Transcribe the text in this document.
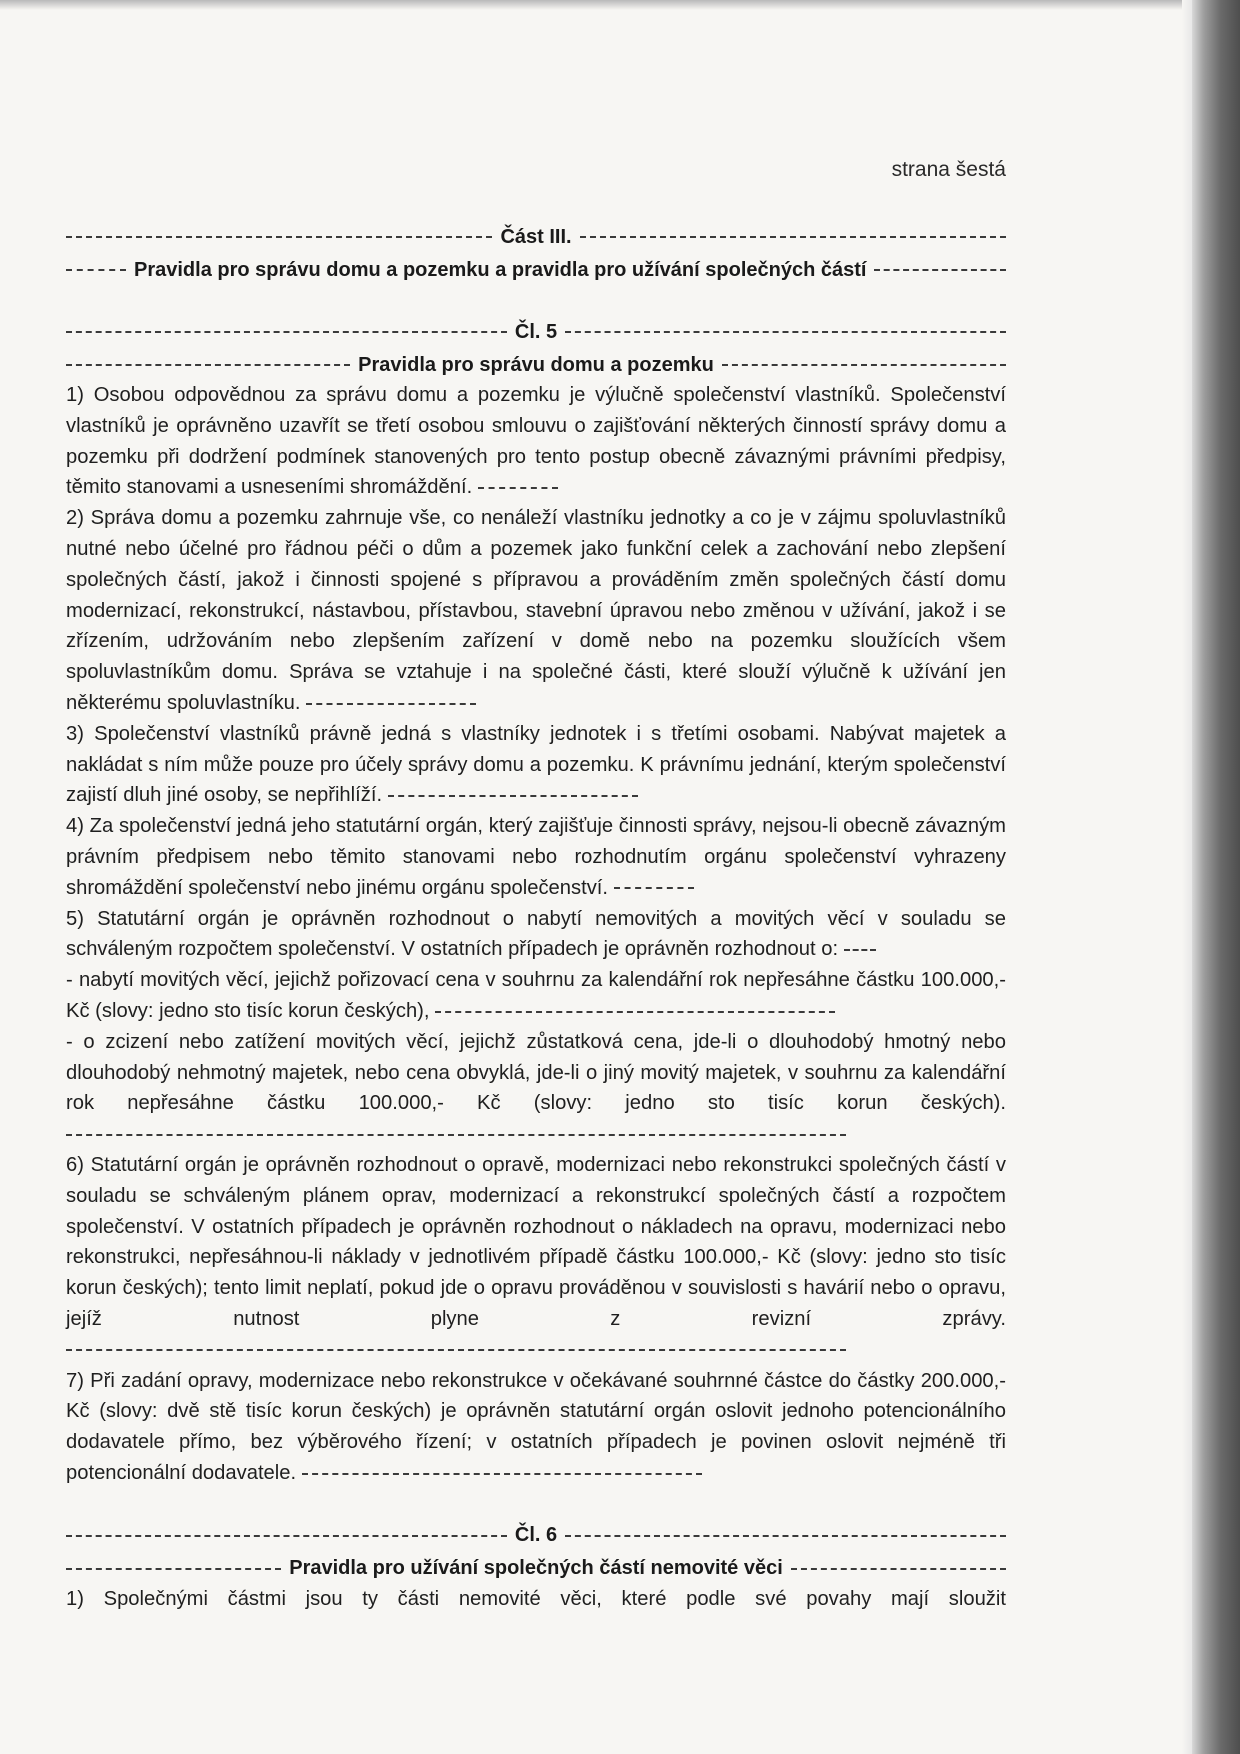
strana šestá
Část III.
Pravidla pro správu domu a pozemku a pravidla pro užívání společných částí
Čl. 5
Pravidla pro správu domu a pozemku

1) Osobou odpovědnou za správu domu a pozemku je výlučně společenství vlastníků. Společenství vlastníků je oprávněno uzavřít se třetí osobou smlouvu o zajišťování některých činností správy domu a pozemku při dodržení podmínek stanovených pro tento postup obecně závaznými právními předpisy, těmito stanovami a usneseními shromáždění.

2) Správa domu a pozemku zahrnuje vše, co nenáleží vlastníku jednotky a co je v zájmu spoluvlastníků nutné nebo účelné pro řádnou péči o dům a pozemek jako funkční celek a zachování nebo zlepšení společných částí, jakož i činnosti spojené s přípravou a prováděním změn společných částí domu modernizací, rekonstrukcí, nástavbou, přístavbou, stavební úpravou nebo změnou v užívání, jakož i se zřízením, udržováním nebo zlepšením zařízení v domě nebo na pozemku sloužících všem spoluvlastníkům domu. Správa se vztahuje i na společné části, které slouží výlučně k užívání jen některému spoluvlastníku.

3) Společenství vlastníků právně jedná s vlastníky jednotek i s třetími osobami. Nabývat majetek a nakládat s ním může pouze pro účely správy domu a pozemku. K právnímu jednání, kterým společenství zajistí dluh jiné osoby, se nepřihlíží.

4) Za společenství jedná jeho statutární orgán, který zajišťuje činnosti správy, nejsou-li obecně závazným právním předpisem nebo těmito stanovami nebo rozhodnutím orgánu společenství vyhrazeny shromáždění společenství nebo jinému orgánu společenství.

5) Statutární orgán je oprávněn rozhodnout o nabytí nemovitých a movitých věcí v souladu se schváleným rozpočtem společenství. V ostatních případech je oprávněn rozhodnout o:

- nabytí movitých věcí, jejichž pořizovací cena v souhrnu za kalendářní rok nepřesáhne částku 100.000,- Kč (slovy: jedno sto tisíc korun českých),

- o zcizení nebo zatížení movitých věcí, jejichž zůstatková cena, jde-li o dlouhodobý hmotný nebo dlouhodobý nehmotný majetek, nebo cena obvyklá, jde-li o jiný movitý majetek, v souhrnu za kalendářní rok nepřesáhne částku 100.000,- Kč (slovy: jedno sto tisíc korun českých).

6) Statutární orgán je oprávněn rozhodnout o opravě, modernizaci nebo rekonstrukci společných částí v souladu se schváleným plánem oprav, modernizací a rekonstrukcí společných částí a rozpočtem společenství. V ostatních případech je oprávněn rozhodnout o nákladech na opravu, modernizaci nebo rekonstrukci, nepřesáhnou-li náklady v jednotlivém případě částku 100.000,- Kč (slovy: jedno sto tisíc korun českých); tento limit neplatí, pokud jde o opravu prováděnou v souvislosti s havárií nebo o opravu, jejíž nutnost plyne z revizní zprávy.

7) Při zadání opravy, modernizace nebo rekonstrukce v očekávané souhrnné částce do částky 200.000,- Kč (slovy: dvě stě tisíc korun českých) je oprávněn statutární orgán oslovit jednoho potencionálního dodavatele přímo, bez výběrového řízení; v ostatních případech je povinen oslovit nejméně tři potencionální dodavatele.

Čl. 6
Pravidla pro užívání společných částí nemovité věci

1) Společnými částmi jsou ty části nemovité věci, které podle své povahy mají sloužit
